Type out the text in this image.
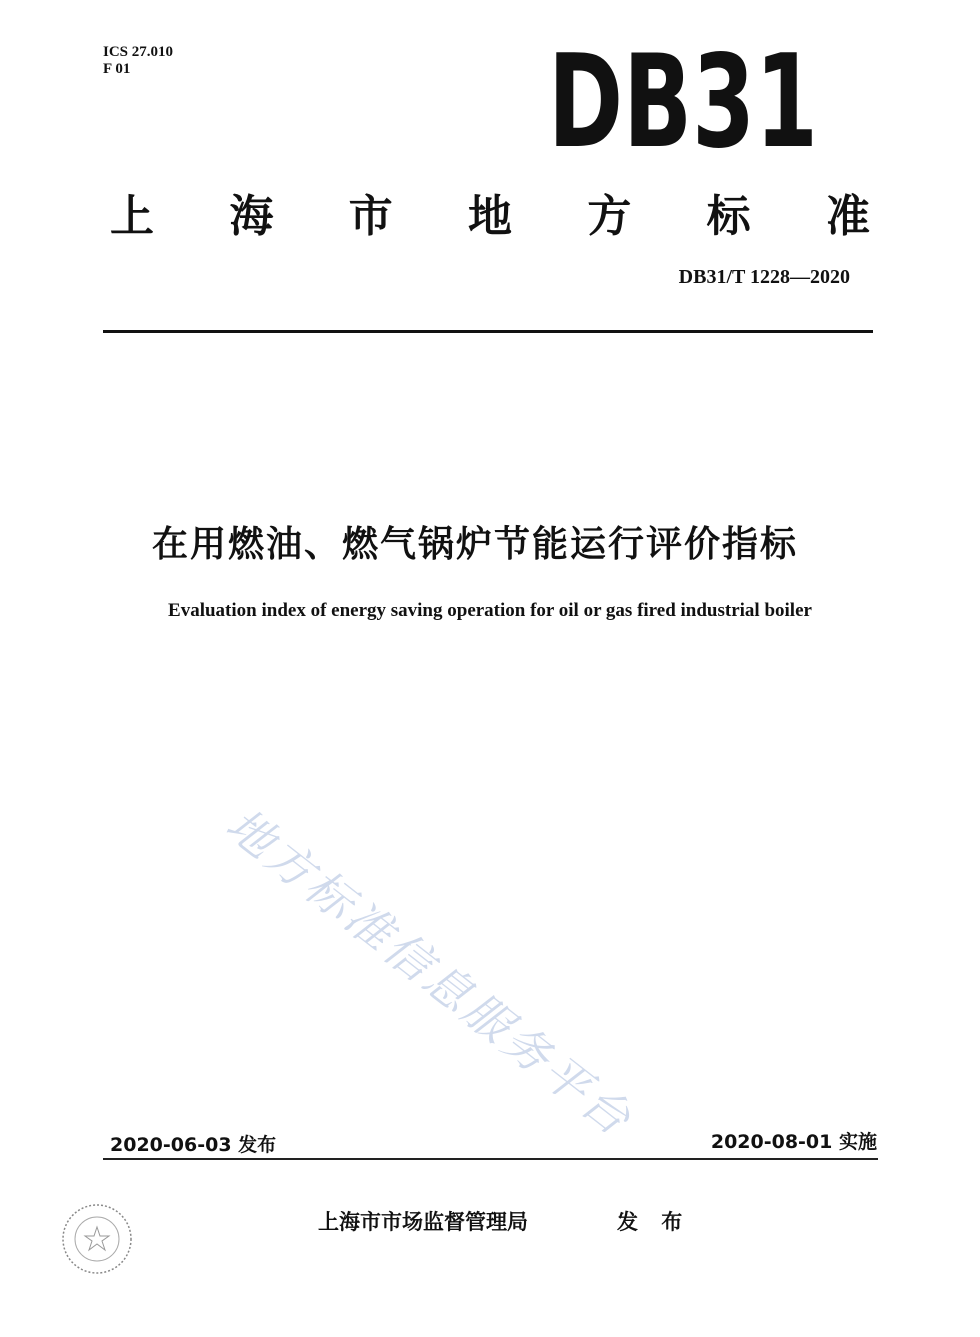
ICS 27.010
F 01	DB31
上 海 市 地 方 标 准
DB31/T 1228—2020
在用燃油、燃气锅炉节能运行评价指标
Evaluation index of energy saving operation for oil or gas fired industrial boiler
地方标准信息服务平台
2020-06-03 发布	2020-08-01 实施
上海市市场监督管理局	发 布
